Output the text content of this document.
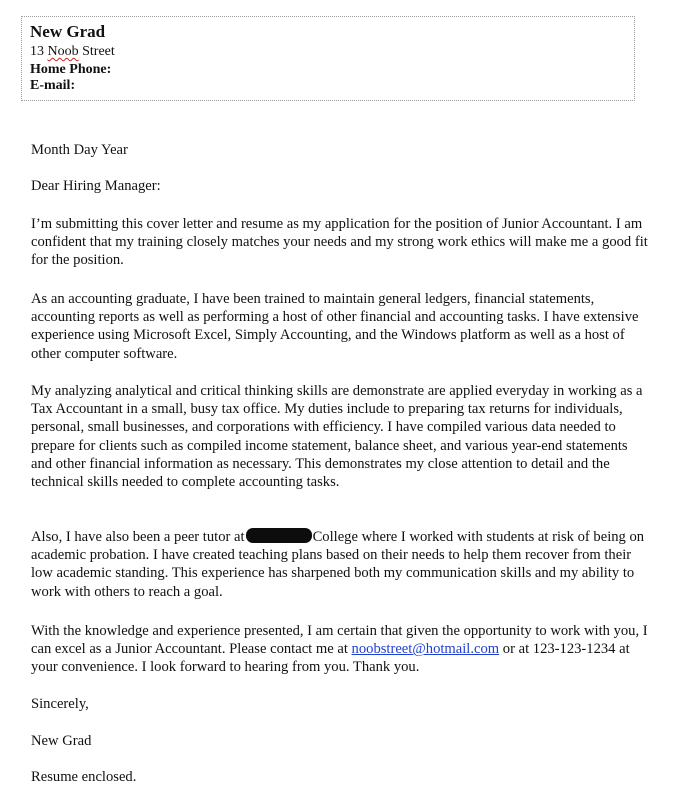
New Grad
13 Noob Street
Home Phone:
E-mail:

Month Day Year

Dear Hiring Manager:

I’m submitting this cover letter and resume as my application for the position of Junior Accountant. I am confident that my training closely matches your needs and my strong work ethics will make me a good fit for the position.

As an accounting graduate, I have been trained to maintain general ledgers, financial statements, accounting reports as well as performing a host of other financial and accounting tasks. I have extensive experience using Microsoft Excel, Simply Accounting, and the Windows platform as well as a host of other computer software.

My analyzing analytical and critical thinking skills are demonstrate are applied everyday in working as a Tax Accountant in a small, busy tax office. My duties include to preparing tax returns for individuals, personal, small businesses, and corporations with efficiency. I have compiled various data needed to prepare for clients such as compiled income statement, balance sheet, and various year-end statements and other financial information as necessary. This demonstrates my close attention to detail and the technical skills needed to complete accounting tasks.

Also, I have also been a peer tutor at	College where I worked with students at risk of being on academic probation. I have created teaching plans based on their needs to help them recover from their low academic standing. This experience has sharpened both my communication skills and my ability to work with others to reach a goal.

With the knowledge and experience presented, I am certain that given the opportunity to work with you, I can excel as a Junior Accountant. Please contact me at noobstreet@hotmail.com or at 123-123-1234 at your convenience. I look forward to hearing from you. Thank you.

Sincerely,

New Grad

Resume enclosed.
